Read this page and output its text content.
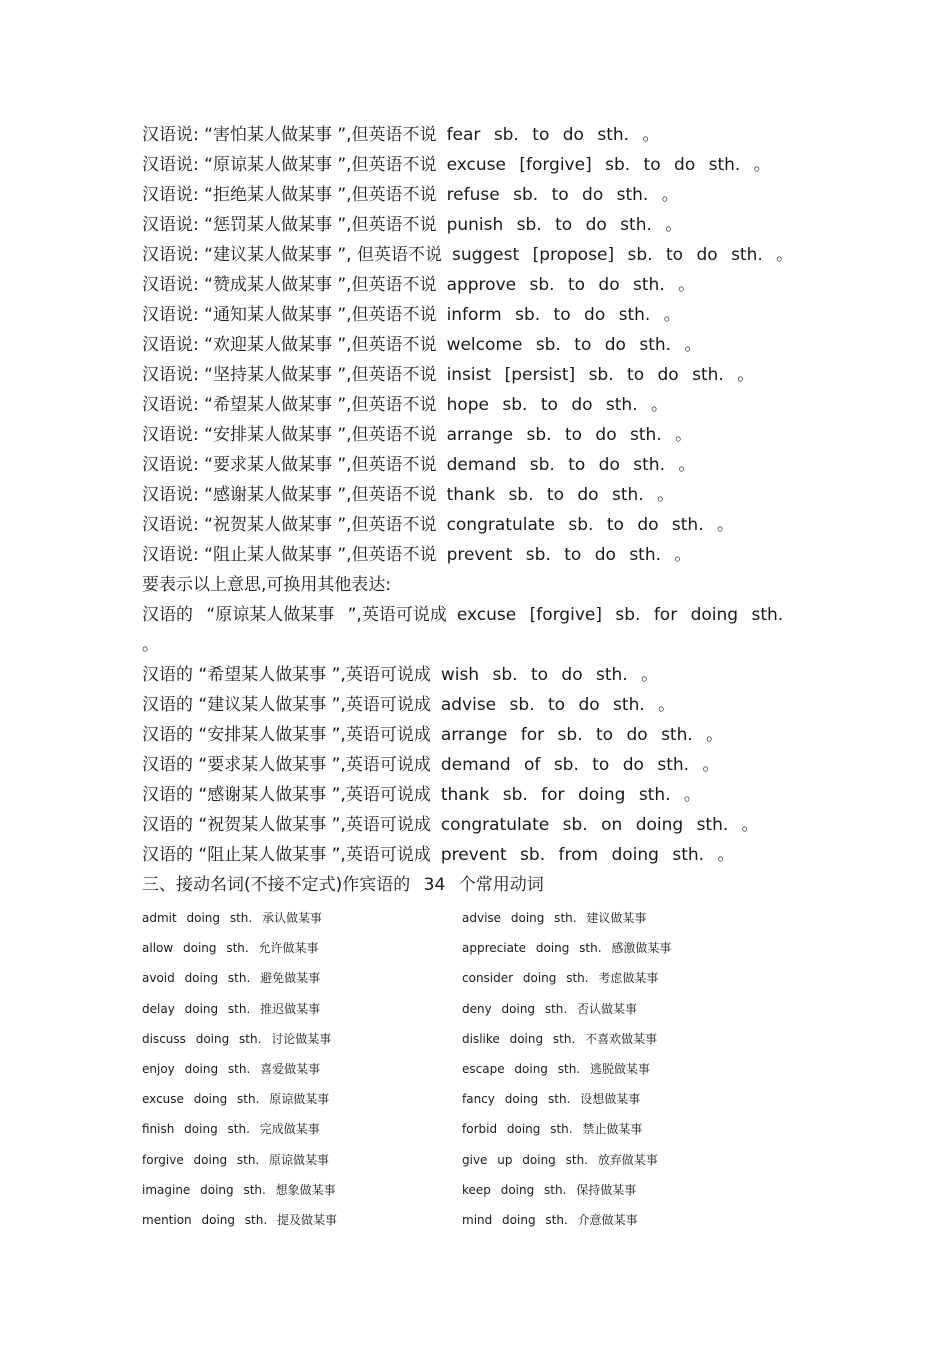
汉语说: “害怕某人做某事 ”,但英语不说 fear sb. to do sth. 。
汉语说: “原谅某人做某事 ”,但英语不说 excuse [forgive] sb. to do sth. 。
汉语说: “拒绝某人做某事 ”,但英语不说 refuse sb. to do sth. 。
汉语说: “惩罚某人做某事 ”,但英语不说 punish sb. to do sth. 。
汉语说: “建议某人做某事 ”, 但英语不说 suggest [propose] sb. to do sth. 。
汉语说: “赞成某人做某事 ”,但英语不说 approve sb. to do sth. 。
汉语说: “通知某人做某事 ”,但英语不说 inform sb. to do sth. 。
汉语说: “欢迎某人做某事 ”,但英语不说 welcome sb. to do sth. 。
汉语说: “坚持某人做某事 ”,但英语不说 insist [persist] sb. to do sth. 。
汉语说: “希望某人做某事 ”,但英语不说 hope sb. to do sth. 。
汉语说: “安排某人做某事 ”,但英语不说 arrange sb. to do sth. 。
汉语说: “要求某人做某事 ”,但英语不说 demand sb. to do sth. 。
汉语说: “感谢某人做某事 ”,但英语不说 thank sb. to do sth. 。
汉语说: “祝贺某人做某事 ”,但英语不说 congratulate sb. to do sth. 。
汉语说: “阻止某人做某事 ”,但英语不说 prevent sb. to do sth. 。
要表示以上意思,可换用其他表达:
汉语的 “原谅某人做某事 ”,英语可说成 excuse [forgive] sb. for doing sth. 。
汉语的 “希望某人做某事 ”,英语可说成 wish sb. to do sth. 。
汉语的 “建议某人做某事 ”,英语可说成 advise sb. to do sth. 。
汉语的 “安排某人做某事 ”,英语可说成 arrange for sb. to do sth. 。
汉语的 “要求某人做某事 ”,英语可说成 demand of sb. to do sth. 。
汉语的 “感谢某人做某事 ”,英语可说成 thank sb. for doing sth. 。
汉语的 “祝贺某人做某事 ”,英语可说成 congratulate sb. on doing sth. 。
汉语的 “阻止某人做某事 ”,英语可说成 prevent sb. from doing sth. 。
三、接动名词(不接不定式)作宾语的 34 个常用动词
admit doing sth. 承认做某事	advise doing sth. 建议做某事
allow doing sth. 允许做某事	appreciate doing sth. 感激做某事
avoid doing sth. 避免做某事	consider doing sth. 考虑做某事
delay doing sth. 推迟做某事	deny doing sth. 否认做某事
discuss doing sth. 讨论做某事	dislike doing sth. 不喜欢做某事
enjoy doing sth. 喜爱做某事	escape doing sth. 逃脱做某事
excuse doing sth. 原谅做某事	fancy doing sth. 设想做某事
finish doing sth. 完成做某事	forbid doing sth. 禁止做某事
forgive doing sth. 原谅做某事	give up doing sth. 放弃做某事
imagine doing sth. 想象做某事	keep doing sth. 保持做某事
mention doing sth. 提及做某事	mind doing sth. 介意做某事
